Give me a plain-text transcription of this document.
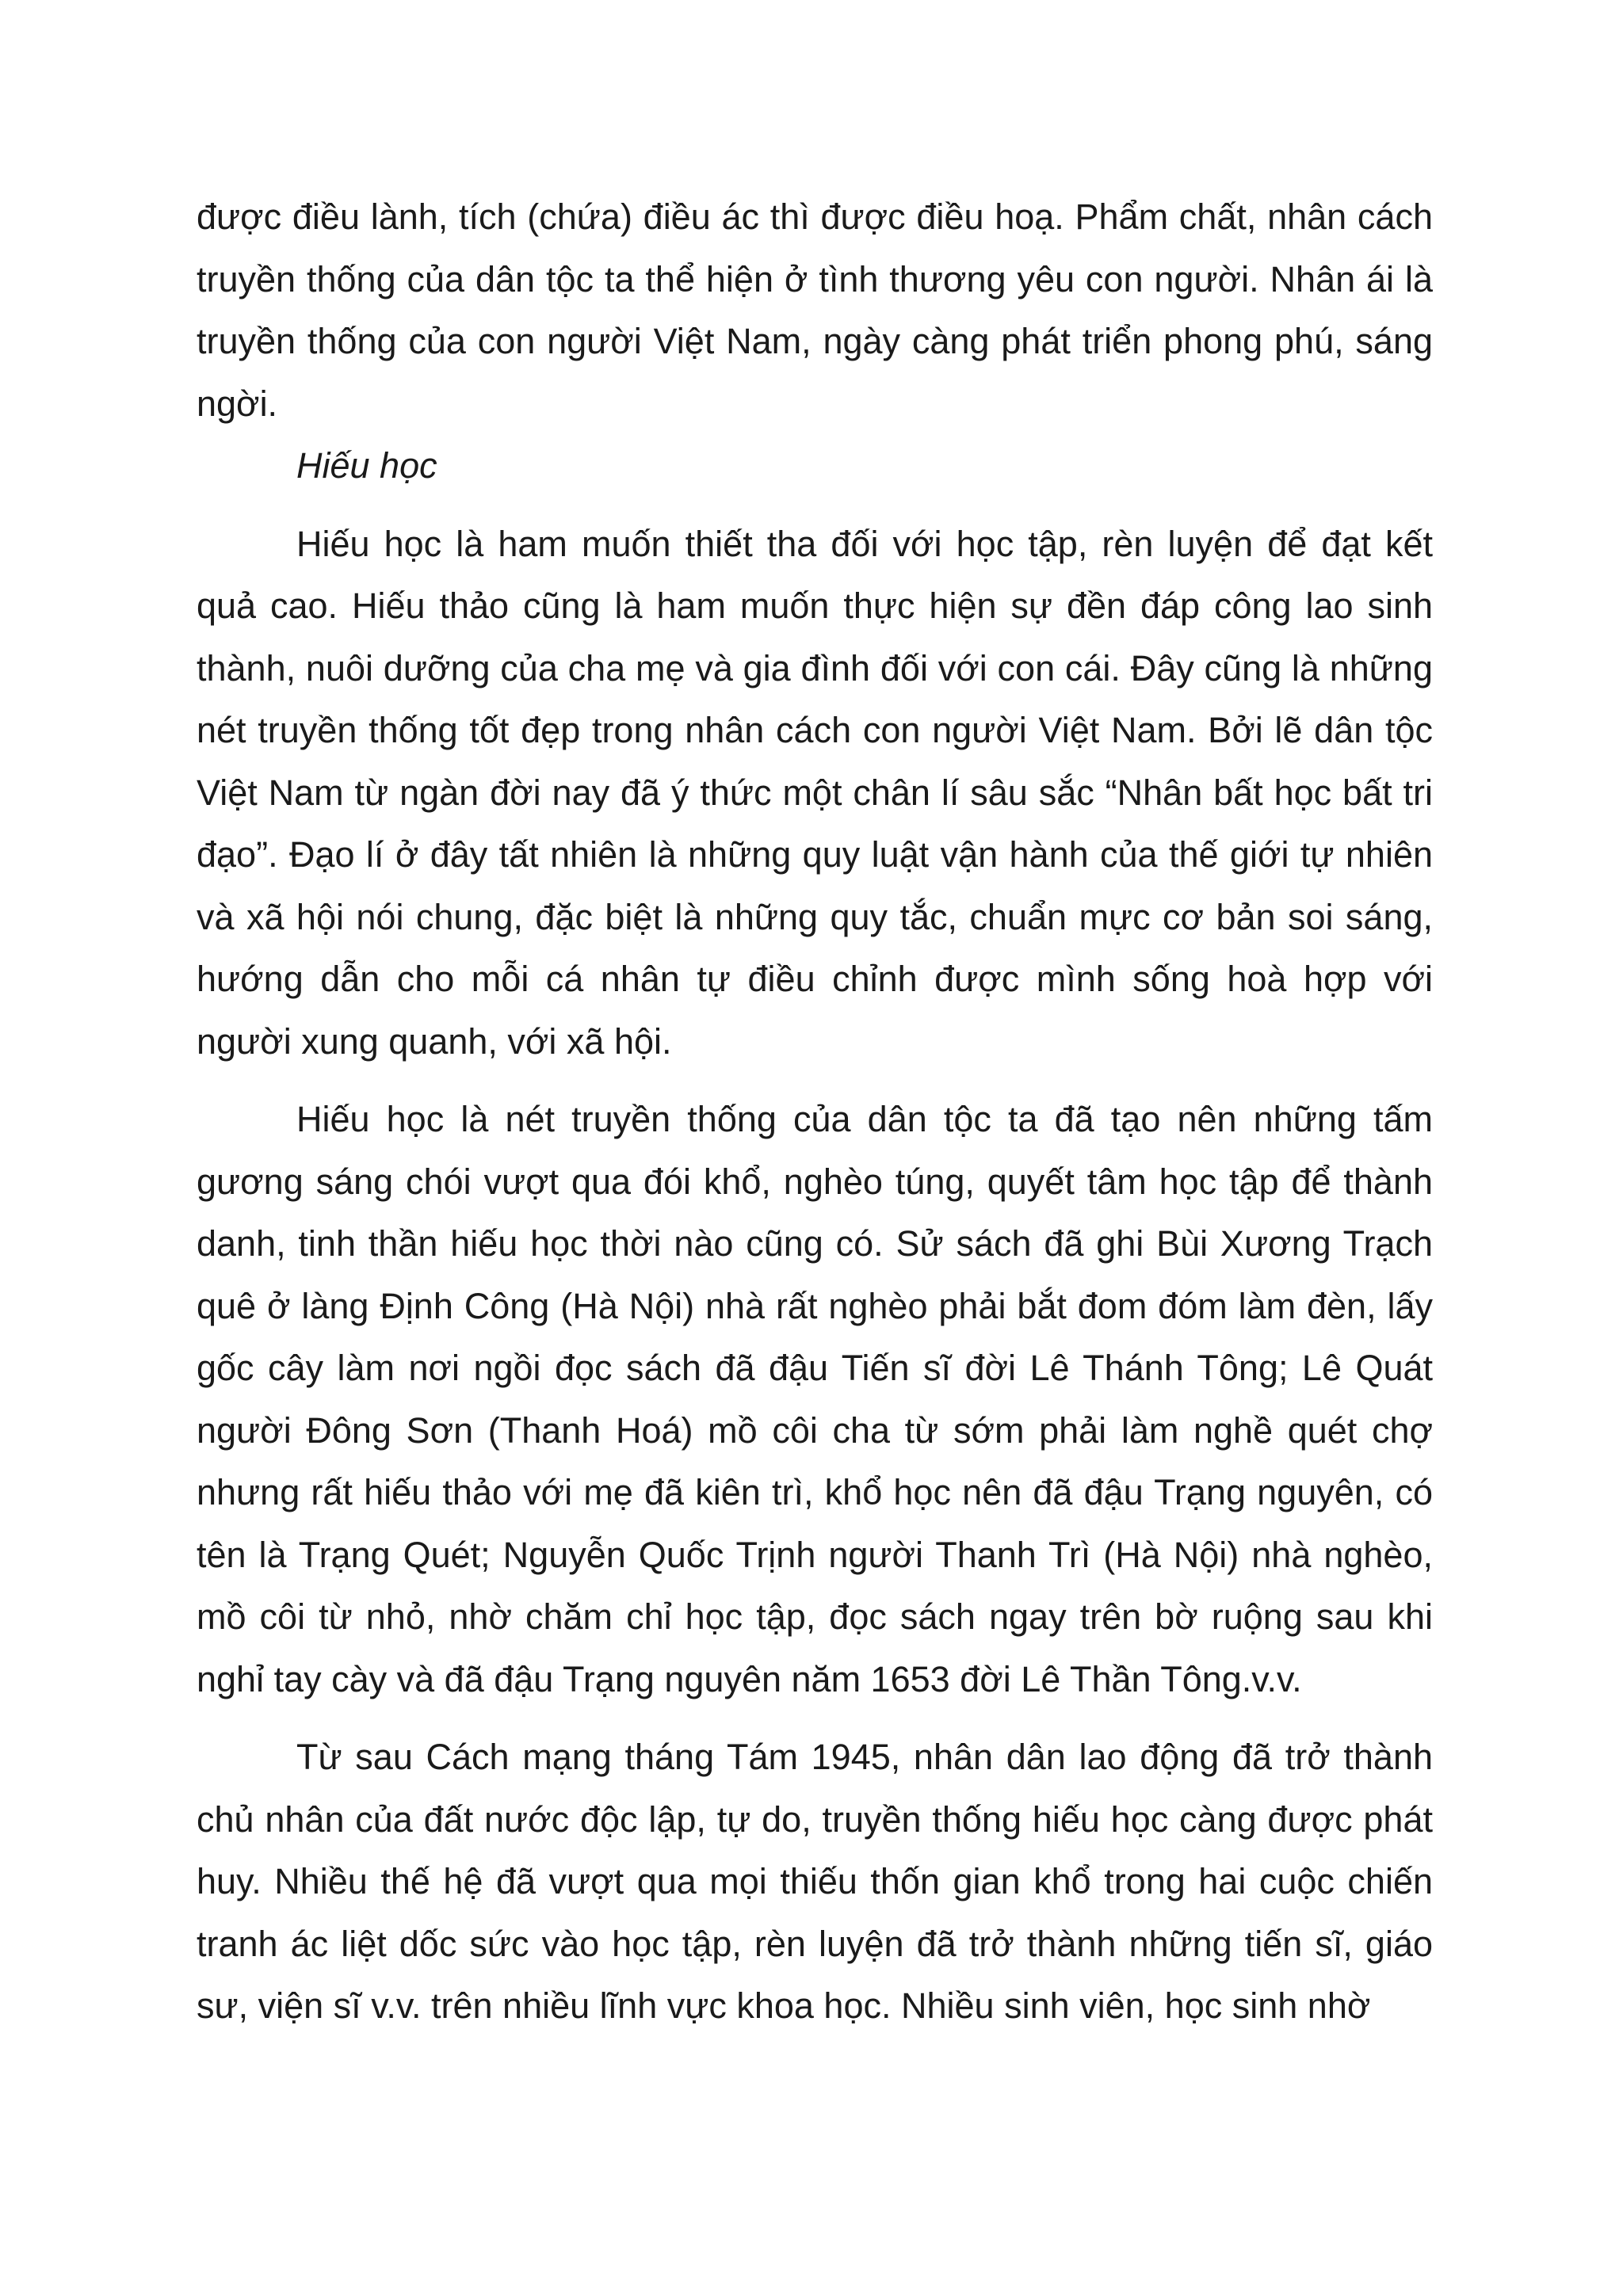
được điều lành, tích (chứa) điều ác thì được điều hoạ. Phẩm chất, nhân cách truyền thống của dân tộc ta thể hiện ở tình thương yêu con người. Nhân ái là truyền thống của con người Việt Nam, ngày càng phát triển phong phú, sáng ngời.

Hiếu học

Hiếu học là ham muốn thiết tha đối với học tập, rèn luyện để đạt kết quả cao. Hiếu thảo cũng là ham muốn thực hiện sự đền đáp công lao sinh thành, nuôi dưỡng của cha mẹ và gia đình đối với con cái. Đây cũng là những nét truyền thống tốt đẹp trong nhân cách con người Việt Nam. Bởi lẽ dân tộc Việt Nam từ ngàn đời nay đã ý thức một chân lí sâu sắc “Nhân bất học bất tri đạo”. Đạo lí ở đây tất nhiên là những quy luật vận hành của thế giới tự nhiên và xã hội nói chung, đặc biệt là những quy tắc, chuẩn mực cơ bản soi sáng, hướng dẫn cho mỗi cá nhân tự điều chỉnh được mình sống hoà hợp với người xung quanh, với xã hội.

Hiếu học là nét truyền thống của dân tộc ta đã tạo nên những tấm gương sáng chói vượt qua đói khổ, nghèo túng, quyết tâm học tập để thành danh, tinh thần hiếu học thời nào cũng có. Sử sách đã ghi Bùi Xương Trạch quê ở làng Định Công (Hà Nội) nhà rất nghèo phải bắt đom đóm làm đèn, lấy gốc cây làm nơi ngồi đọc sách đã đậu Tiến sĩ đời Lê Thánh Tông; Lê Quát người Đông Sơn (Thanh Hoá) mồ côi cha từ sớm phải làm nghề quét chợ nhưng rất hiếu thảo với mẹ đã kiên trì, khổ học nên đã đậu Trạng nguyên, có tên là Trạng Quét; Nguyễn Quốc Trịnh người Thanh Trì (Hà Nội) nhà nghèo, mồ côi từ nhỏ, nhờ chăm chỉ học tập, đọc sách ngay trên bờ ruộng sau khi nghỉ tay cày và đã đậu Trạng nguyên năm 1653 đời Lê Thần Tông.v.v.

Từ sau Cách mạng tháng Tám 1945, nhân dân lao động đã trở thành chủ nhân của đất nước độc lập, tự do, truyền thống hiếu học càng được phát huy. Nhiều thế hệ đã vượt qua mọi thiếu thốn gian khổ trong hai cuộc chiến tranh ác liệt dốc sức vào học tập, rèn luyện đã trở thành những tiến sĩ, giáo sư, viện sĩ v.v. trên nhiều lĩnh vực khoa học. Nhiều sinh viên, học sinh nhờ
